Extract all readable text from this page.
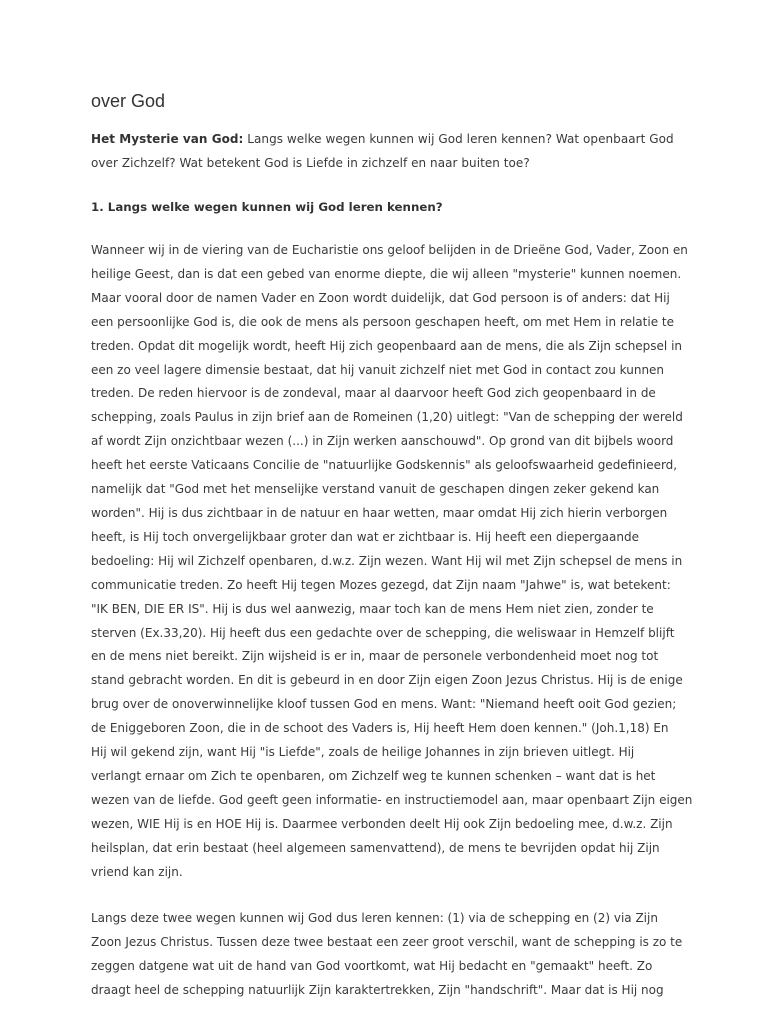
over God

Het Mysterie van God: Langs welke wegen kunnen wij God leren kennen? Wat openbaart God
over Zichzelf? Wat betekent God is Liefde in zichzelf en naar buiten toe?

1. Langs welke wegen kunnen wij God leren kennen?

Wanneer wij in de viering van de Eucharistie ons geloof belijden in de Drieëne God, Vader, Zoon en
heilige Geest, dan is dat een gebed van enorme diepte, die wij alleen "mysterie" kunnen noemen.
Maar vooral door de namen Vader en Zoon wordt duidelijk, dat God persoon is of anders: dat Hij
een persoonlijke God is, die ook de mens als persoon geschapen heeft, om met Hem in relatie te
treden. Opdat dit mogelijk wordt, heeft Hij zich geopenbaard aan de mens, die als Zijn schepsel in
een zo veel lagere dimensie bestaat, dat hij vanuit zichzelf niet met God in contact zou kunnen
treden. De reden hiervoor is de zondeval, maar al daarvoor heeft God zich geopenbaard in de
schepping, zoals Paulus in zijn brief aan de Romeinen (1,20) uitlegt: "Van de schepping der wereld
af wordt Zijn onzichtbaar wezen (...) in Zijn werken aanschouwd". Op grond van dit bijbels woord
heeft het eerste Vaticaans Concilie de "natuurlijke Godskennis" als geloofswaarheid gedefinieerd,
namelijk dat "God met het menselijke verstand vanuit de geschapen dingen zeker gekend kan
worden". Hij is dus zichtbaar in de natuur en haar wetten, maar omdat Hij zich hierin verborgen
heeft, is Hij toch onvergelijkbaar groter dan wat er zichtbaar is. Hij heeft een diepergaande
bedoeling: Hij wil Zichzelf openbaren, d.w.z. Zijn wezen. Want Hij wil met Zijn schepsel de mens in
communicatie treden. Zo heeft Hij tegen Mozes gezegd, dat Zijn naam "Jahwe" is, wat betekent:
"IK BEN, DIE ER IS". Hij is dus wel aanwezig, maar toch kan de mens Hem niet zien, zonder te
sterven (Ex.33,20). Hij heeft dus een gedachte over de schepping, die weliswaar in Hemzelf blijft
en de mens niet bereikt. Zijn wijsheid is er in, maar de personele verbondenheid moet nog tot
stand gebracht worden. En dit is gebeurd in en door Zijn eigen Zoon Jezus Christus. Hij is de enige
brug over de onoverwinnelijke kloof tussen God en mens. Want: "Niemand heeft ooit God gezien;
de Eniggeboren Zoon, die in de schoot des Vaders is, Hij heeft Hem doen kennen." (Joh.1,18) En
Hij wil gekend zijn, want Hij "is Liefde", zoals de heilige Johannes in zijn brieven uitlegt. Hij
verlangt ernaar om Zich te openbaren, om Zichzelf weg te kunnen schenken – want dat is het
wezen van de liefde. God geeft geen informatie- en instructiemodel aan, maar openbaart Zijn eigen
wezen, WIE Hij is en HOE Hij is. Daarmee verbonden deelt Hij ook Zijn bedoeling mee, d.w.z. Zijn
heilsplan, dat erin bestaat (heel algemeen samenvattend), de mens te bevrijden opdat hij Zijn
vriend kan zijn.

Langs deze twee wegen kunnen wij God dus leren kennen: (1) via de schepping en (2) via Zijn
Zoon Jezus Christus. Tussen deze twee bestaat een zeer groot verschil, want de schepping is zo te
zeggen datgene wat uit de hand van God voortkomt, wat Hij bedacht en "gemaakt" heeft. Zo
draagt heel de schepping natuurlijk Zijn karaktertrekken, Zijn "handschrift". Maar dat is Hij nog
